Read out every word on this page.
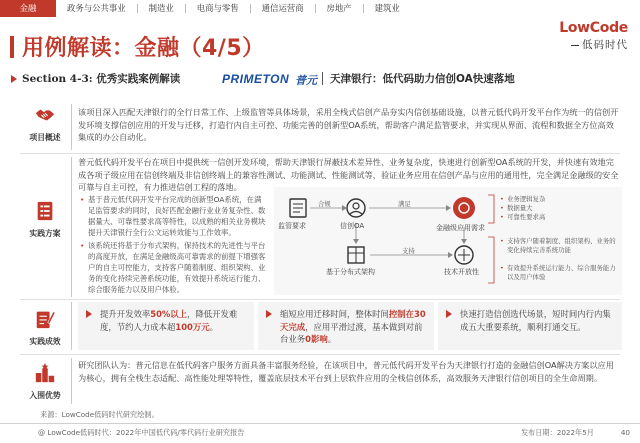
金融	政务与公共事业	制造业	电商与零售	通信运营商	房地产	建筑业
LowCode
低码时代
用例解读：金融（4/5）
Section 4-3: 优秀实践案例解读	PRIMETON 普元 天津银行：低代码助力信创OA快速落地
项目概述
该项目深入匹配天津银行的全行日常工作、上级监管等具体场景，采用全栈式信创产品夯实内信创基础设施，以普元低代码开发平台作为统一的信创开发环境支撑信创应用的开发与迁移，打造行内自主可控、功能完善的创新型OA系统，帮助客户满足监管要求，并实现从界面、流程和数据全方位高效集成的办公自动化。
实践方案
普元低代码开发平台在项目中提供统一信创开发环境，帮助天津银行屏蔽技术差异性、业务复杂度，快速进行创新型OA系统的开发，并快速有效地完成各项子级应用在信创终端及非信创终端上的兼容性测试、功能测试、性能测试等，验证业务应用在信创产品与应用的通用性，完全满足金融级的安全可靠与自主可控，有力推进信创工程的落地。
• 基于普元低代码开发平台完成的创新型OA系统，在满足监管要求的同时，良好匹配金融行业业务复杂性、数据量大、可靠性要求高等特性，以成熟的相关业务模块提升天津银行全行公文运转效能与工作效率。
• 该系统还将基于分布式架构，保持技术的先进性与平台的高度开放，在满足金融级高可靠需求的前提下增强客户的自主可控能力，支持客户随着制度、组织架构、业务的变化持续完善系统功能，有效提升系统运行能力、综合服务能力以及用户体验。
监管要求	信创OA	金融级应用需求
基于分布式架构	技术开放性
合规	满足
支持
• 业务逻辑复杂
• 数据量大
• 可靠性要求高
• 支持客户随着制度、组织架构、业务的变化持续完善系统功能
• 有效提升系统运行能力、综合服务能力以及用户体验
实践成效
提升开发效率50%以上，降低开发难度，节约人力成本超100万元。
缩短应用迁移时间，整体时间控制在30天完成，应用平滑过渡，基本做到对前台业务0影响。
快速打造信创选代场景，短时间内行内集成五大重要系统，顺利打通交互。
入围优势
研究团队认为：普元信息在低代码客户服务方面具备丰富服务经验，在该项目中，普元低代码开发平台为天津银行打造的金融信创OA解决方案以应用为核心，拥有全栈生态适配、高性能处理等特性，覆盖底层技术平台到上层软件应用的全栈信创体系，高效服务天津银行信创项目的全生命周期。
来源：LowCode低码时代研究绘制。
@ LowCode低码时代：2022年中国低代码/零代码行业研究报告	发布日期：2022年5月	40
